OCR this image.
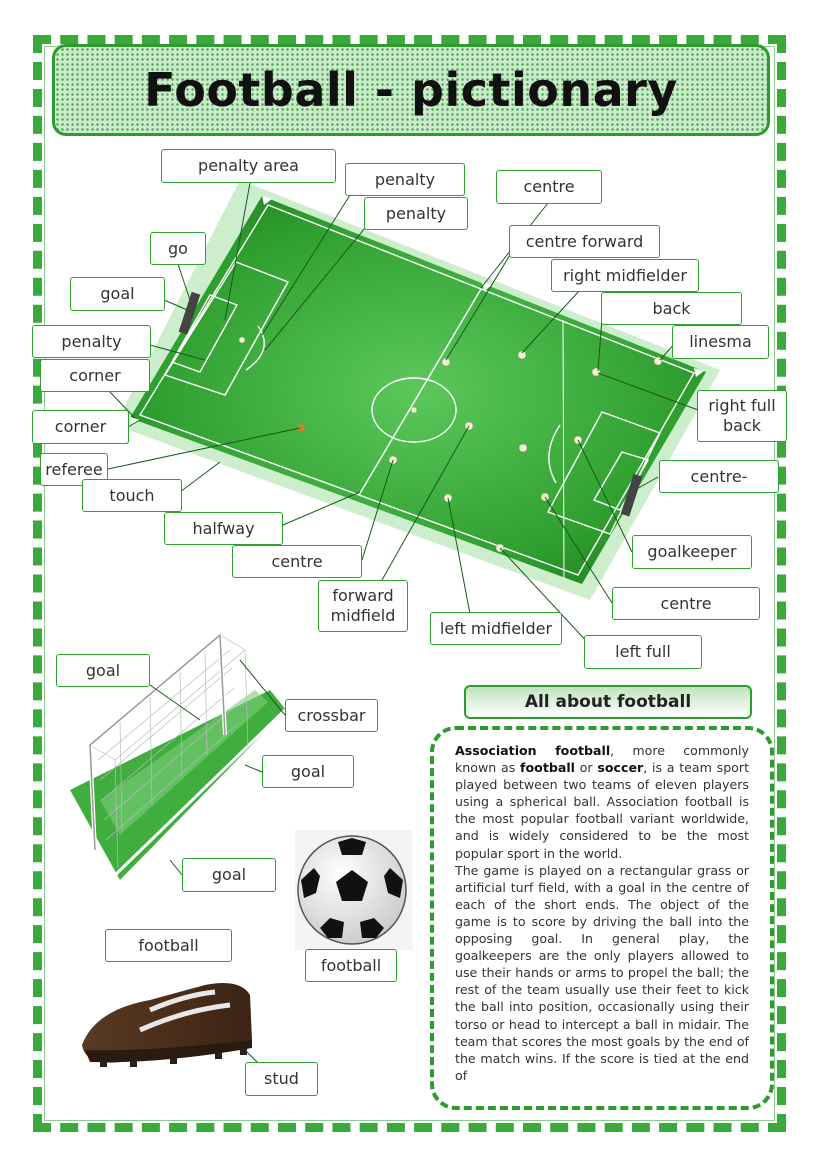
Football - pictionary
penalty area
penalty
penalty
centre
go	centre forward
goal
right midfielder
back
penalty	linesma
corner
right full
back
corner
referee	centre-
touch
halfway
goalkeeper
centre
forward
midfield
left midfielder
centre
left full
goal
crossbar
goal
goal
football
football
stud
All about football

Association football, more commonly known as football or soccer, is a team sport played between two teams of eleven players using a spherical ball. Association football is the most popular football variant worldwide, and is widely considered to be the most popular sport in the world.

The game is played on a rectangular grass or artificial turf field, with a goal in the centre of each of the short ends. The object of the game is to score by driving the ball into the opposing goal. In general play, the goalkeepers are the only players allowed to use their hands or arms to propel the ball; the rest of the team usually use their feet to kick the ball into position, occasionally using their torso or head to intercept a ball in midair. The team that scores the most goals by the end of the match wins. If the score is tied at the end of
